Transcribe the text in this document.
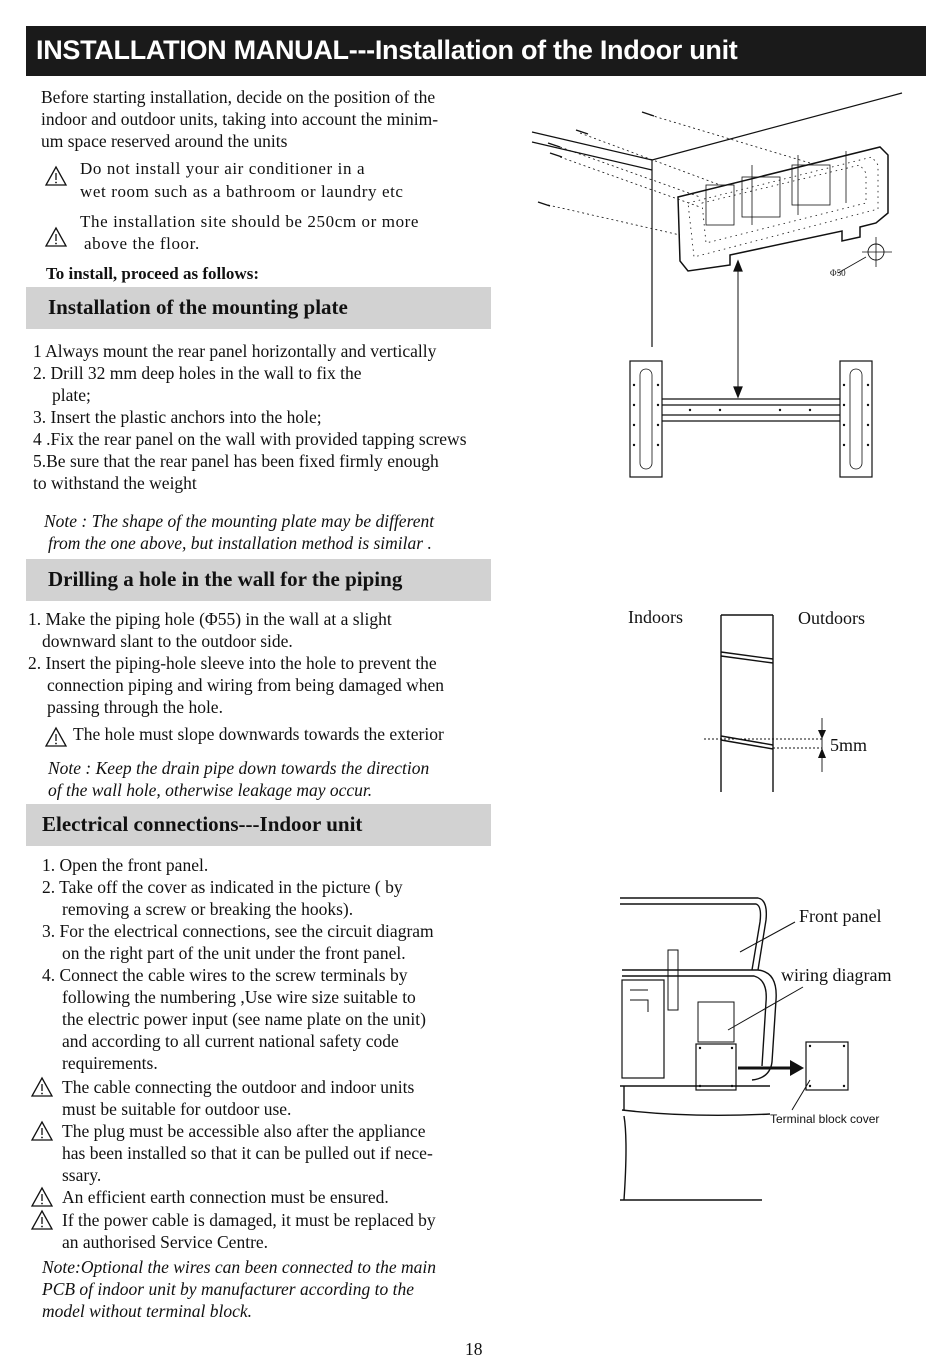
INSTALLATION MANUAL---Installation of the Indoor unit
Before starting installation, decide on the position of the
indoor and outdoor units, taking into account the minim-
um space reserved around the units
Do not install your air conditioner in a
wet room such as a bathroom or laundry etc
The installation site should be 250cm or more
above the floor.
To install, proceed as follows:	Φ50
Installation of the mounting plate
1 Always mount the rear panel horizontally and vertically
2. Drill 32 mm deep holes in the wall to fix the
plate;
3. Insert the plastic anchors into the hole;
4 .Fix the rear panel on the wall with provided tapping screws
5.Be sure that the rear panel has been fixed firmly enough
to withstand the weight
Note : The shape of the mounting plate may be different
from the one above, but installation method is similar .
Drilling a hole in the wall for the piping
1. Make the piping hole (Φ55) in the wall at a slight
downward slant to the outdoor side.
2. Insert the piping-hole sleeve into the hole to prevent the
connection piping and wiring from being damaged when
passing through the hole.
The hole must slope downwards towards the exterior
Note : Keep the drain pipe down towards the direction
of the wall hole, otherwise leakage may occur.
Indoors	Outdoors
5mm
Electrical connections---Indoor unit
1. Open the front panel.
2. Take off the cover as indicated in the picture ( by
removing a screw or breaking the hooks).
3. For the electrical connections, see the circuit diagram
on the right part of the unit under the front panel.
4. Connect the cable wires to the screw terminals by
following the numbering ,Use wire size suitable to
the electric power input (see name plate on the unit)
and according to all current national safety code
requirements.
The cable connecting the outdoor and indoor units
must be suitable for outdoor use.
The plug must be accessible also after the appliance
has been installed so that it can be pulled out if nece-
ssary.
An efficient earth connection must be ensured.
If the power cable is damaged, it must be replaced by
an authorised Service Centre.
Note:Optional the wires can been connected to the main
PCB of indoor unit by manufacturer according to the
model without terminal block.
Front panel
wiring diagram
Terminal block cover
18
